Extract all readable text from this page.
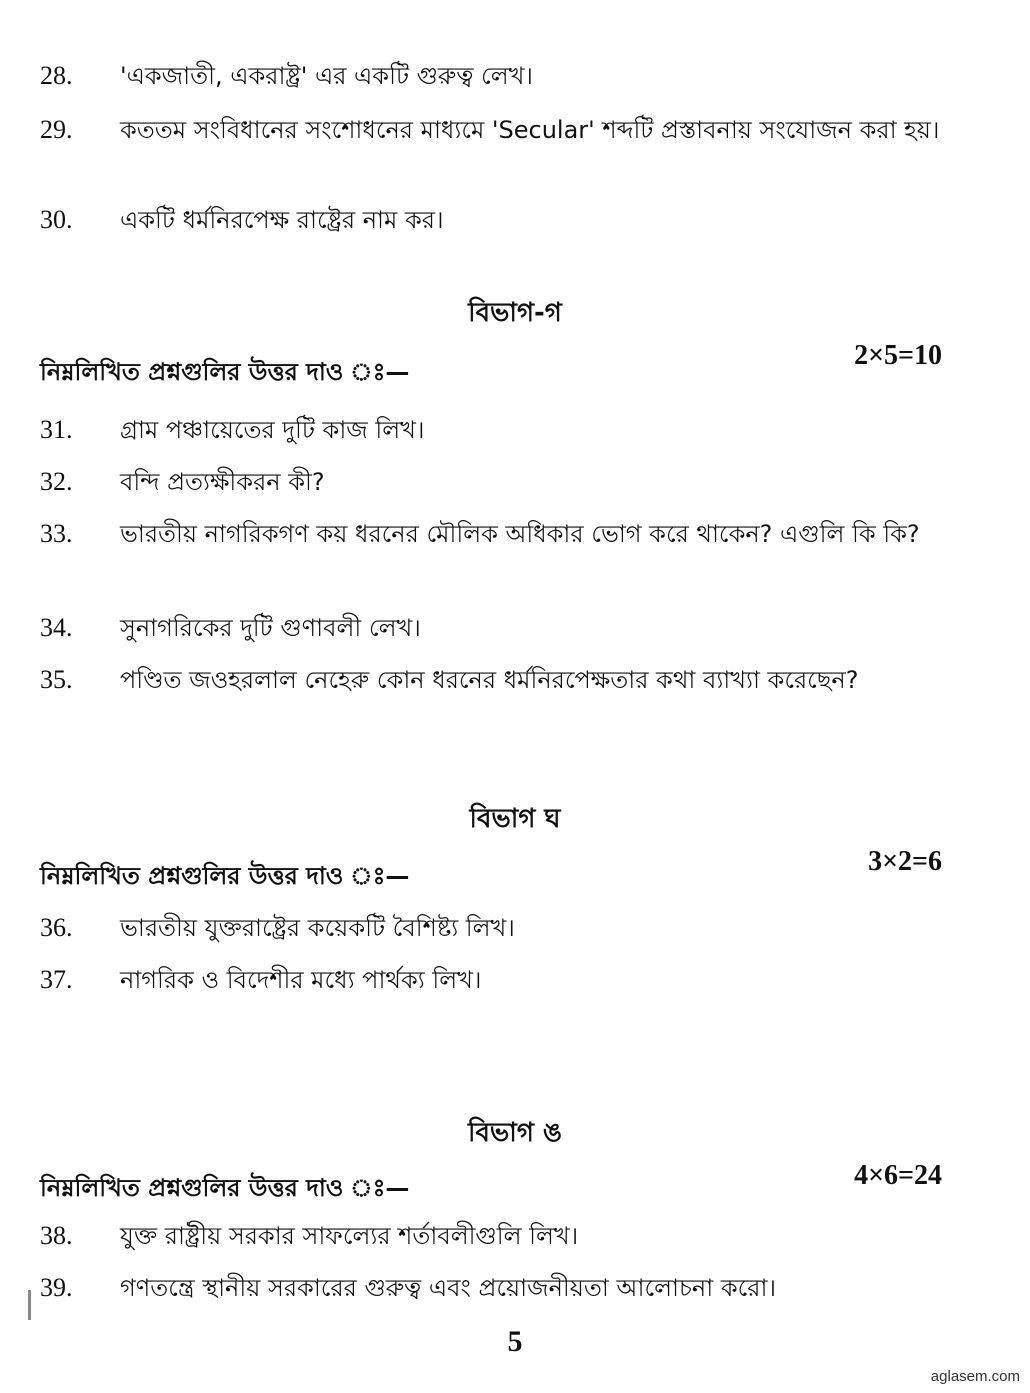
28.	'একজাতী, একরাষ্ট্র' এর একটি গুরুত্ব লেখ।
29.	কততম সংবিধানের সংশোধনের মাধ্যমে 'Secular' শব্দটি প্রস্তাবনায় সংযোজন করা হয়।
30.	একটি ধর্মনিরপেক্ষ রাষ্ট্রের নাম কর।
বিভাগ-গ
নিম্নলিখিত প্রশ্নগুলির উত্তর দাও ঃ—
2×5=10
31.	গ্রাম পঞ্চায়েতের দুটি কাজ লিখ।
32.	বন্দি প্রত্যক্ষীকরন কী?
33.	ভারতীয় নাগরিকগণ কয় ধরনের মৌলিক অধিকার ভোগ করে থাকেন? এগুলি কি কি?
34.	সুনাগরিকের দুটি গুণাবলী লেখ।
35.	পণ্ডিত জওহরলাল নেহেরু কোন ধরনের ধর্মনিরপেক্ষতার কথা ব্যাখ্যা করেছেন?
বিভাগ ঘ
নিম্নলিখিত প্রশ্নগুলির উত্তর দাও ঃ—	3×2=6
36.	ভারতীয় যুক্তরাষ্ট্রের কয়েকটি বৈশিষ্ট্য লিখ।
37.	নাগরিক ও বিদেশীর মধ্যে পার্থক্য লিখ।
বিভাগ ঙ
নিম্নলিখিত প্রশ্নগুলির উত্তর দাও ঃ—	4×6=24
38.	যুক্ত রাষ্ট্রীয় সরকার সাফল্যের শর্তাবলীগুলি লিখ।
39.	গণতন্ত্রে স্থানীয় সরকারের গুরুত্ব এবং প্রয়োজনীয়তা আলোচনা করো।
5
aglasem.com
